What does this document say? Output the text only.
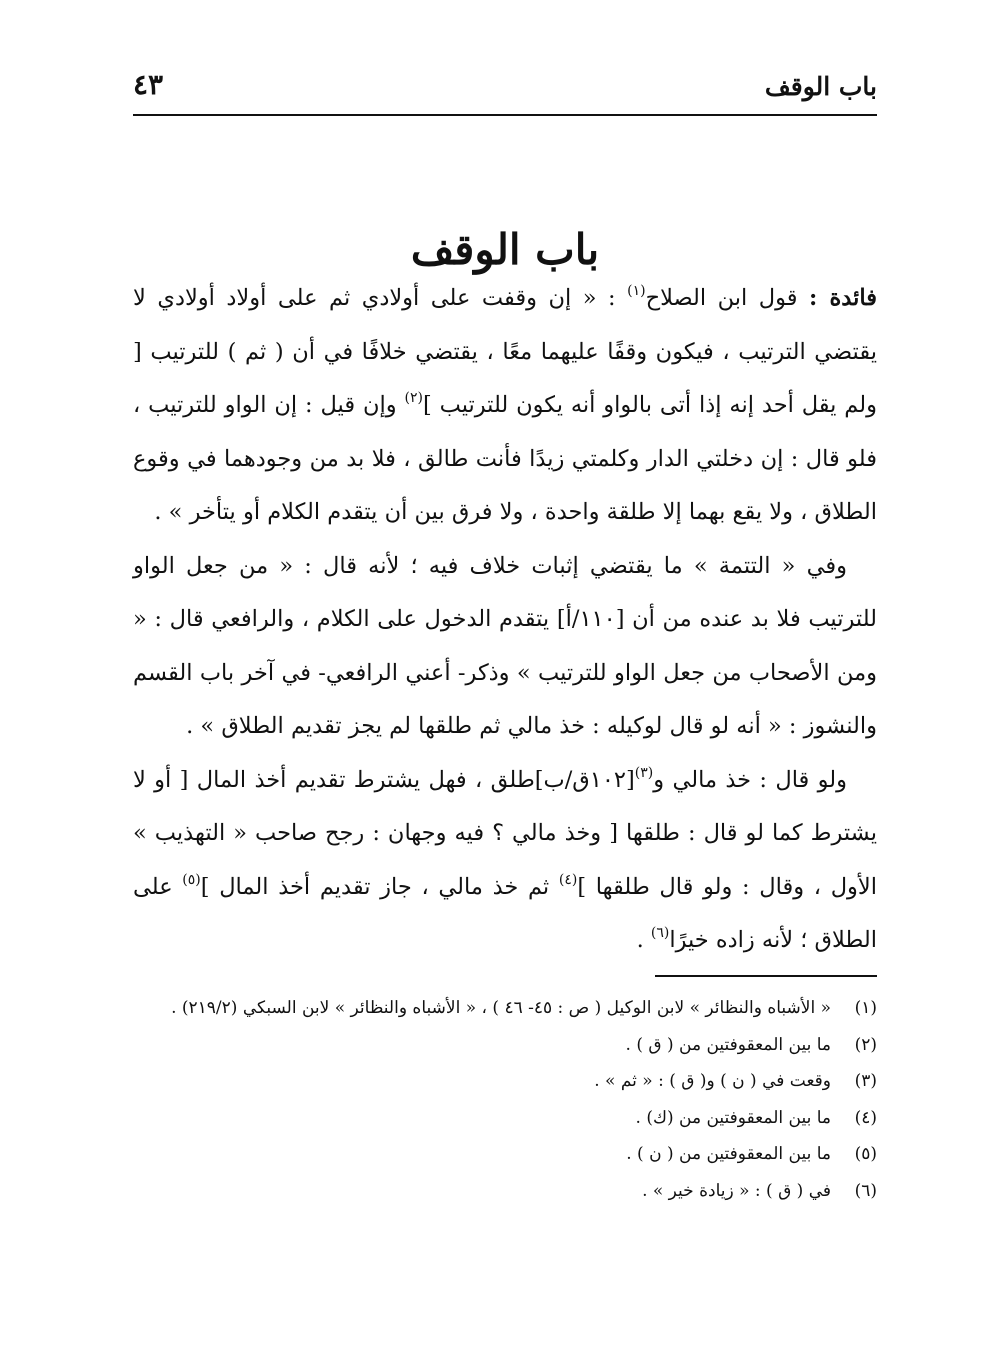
باب الوقف
٤٣
باب الوقف

فائدة : قول ابن الصلاح$^{(١)}$ : « إن وقفت على أولادي ثم على أولاد أولادي لا يقتضي الترتيب ، فيكون وقفًا عليهما معًا ، يقتضي خلافًا في أن ( ثم ) للترتيب [ ولم يقل أحد إنه إذا أتى بالواو أنه يكون للترتيب ]$^{(٢)}$ وإن قيل : إن الواو للترتيب ، فلو قال : إن دخلتي الدار وكلمتي زيدًا فأنت طالق ، فلا بد من وجودهما في وقوع الطلاق ، ولا يقع بهما إلا طلقة واحدة ، ولا فرق بين أن يتقدم الكلام أو يتأخر » .

وفي « التتمة » ما يقتضي إثبات خلاف فيه ؛ لأنه قال : « من جعل الواو للترتيب فلا بد عنده من أن [١١٠/أ] يتقدم الدخول على الكلام ، والرافعي قال : « ومن الأصحاب من جعل الواو للترتيب » وذكر- أعني الرافعي- في آخر باب القسم والنشوز : « أنه لو قال لوكيله : خذ مالي ثم طلقها لم يجز تقديم الطلاق » .

ولو قال : خذ مالي و$^{(٣)}$[١٠٢ق/ب]طلق ، فهل يشترط تقديم أخذ المال [ أو لا يشترط كما لو قال : طلقها [ وخذ مالي ؟ فيه وجهان : رجح صاحب « التهذيب » الأول ، وقال : ولو قال طلقها ]$^{(٤)}$ ثم خذ مالي ، جاز تقديم أخذ المال ]$^{(٥)}$ على الطلاق ؛ لأنه زاده خيرًا$^{(٦)}$ .

(١)
« الأشباه والنظائر » لابن الوكيل ( ص : ٤٥- ٤٦ ) ، « الأشباه والنظائر » لابن السبكي (٢١٩/٢) .
(٢)
ما بين المعقوفتين من ( ق ) .
(٣)
وقعت في ( ن ) و( ق ) : « ثم » .
(٤)
ما بين المعقوفتين من (ك) .
(٥)
ما بين المعقوفتين من ( ن ) .
(٦)
في ( ق ) : « زيادة خير » .
